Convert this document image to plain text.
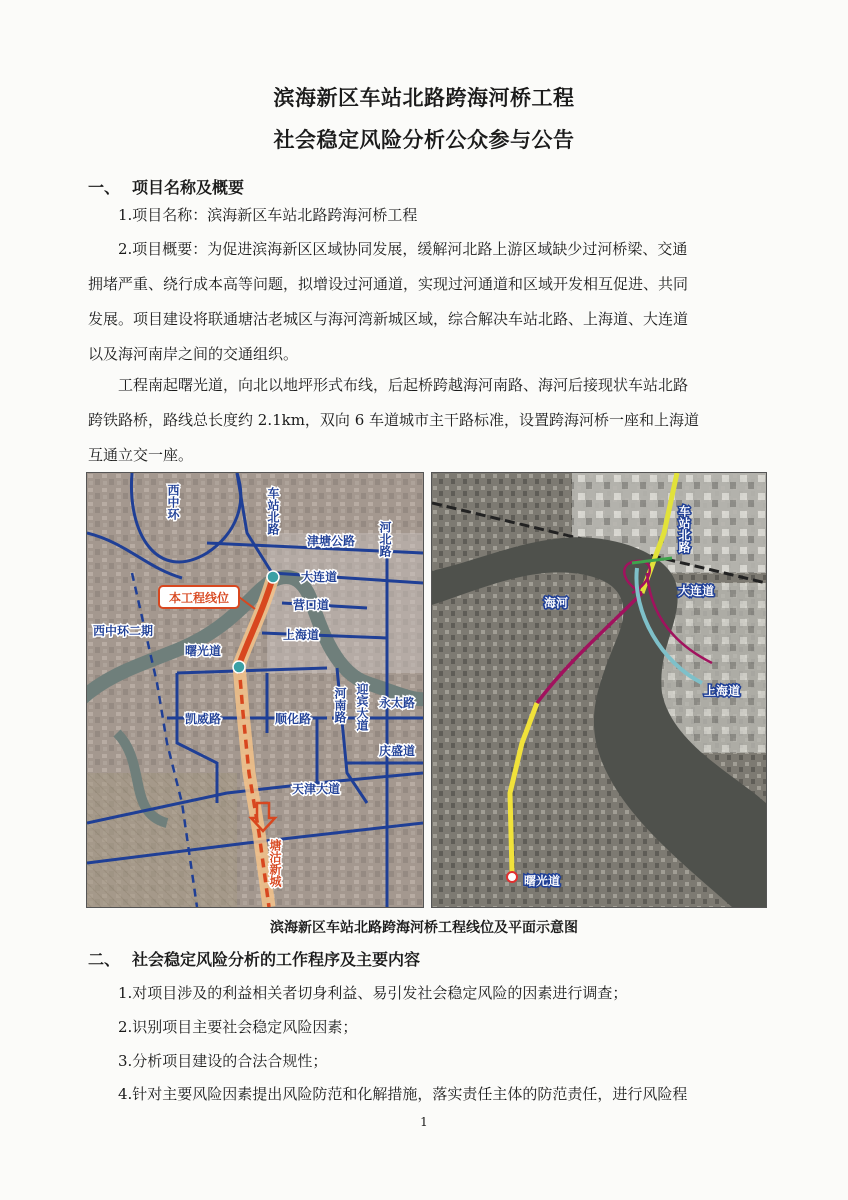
滨海新区车站北路跨海河桥工程
社会稳定风险分析公众参与公告
一、 项目名称及概要
1.项目名称：滨海新区车站北路跨海河桥工程
2.项目概要：为促进滨海新区区域协同发展，缓解河北路上游区域缺少过河桥梁、交通
拥堵严重、绕行成本高等问题，拟增设过河通道，实现过河通道和区域开发相互促进、共同
发展。项目建设将联通塘沽老城区与海河湾新城区域，综合解决车站北路、上海道、大连道
以及海河南岸之间的交通组织。
工程南起曙光道，向北以地坪形式布线，后起桥跨越海河南路、海河后接现状车站北路
跨铁路桥，路线总长度约 2.1km，双向 6 车道城市主干路标准，设置跨海河桥一座和上海道
互通立交一座。
本工程线位
西中环	车站北路
津塘公路 河北路
大连道
营口道
上海道
西中环二期
曙光道
河南路 迎宾大道 永太路
凯威路	顺化路
庆盛道
天津大道
塘沽新城
车站北路
大连道
海河
上海道
曙光道
滨海新区车站北路跨海河桥工程线位及平面示意图
二、 社会稳定风险分析的工作程序及主要内容
1.对项目涉及的利益相关者切身利益、易引发社会稳定风险的因素进行调查；
2.识别项目主要社会稳定风险因素；
3.分析项目建设的合法合规性；
4.针对主要风险因素提出风险防范和化解措施，落实责任主体的防范责任，进行风险程
1
